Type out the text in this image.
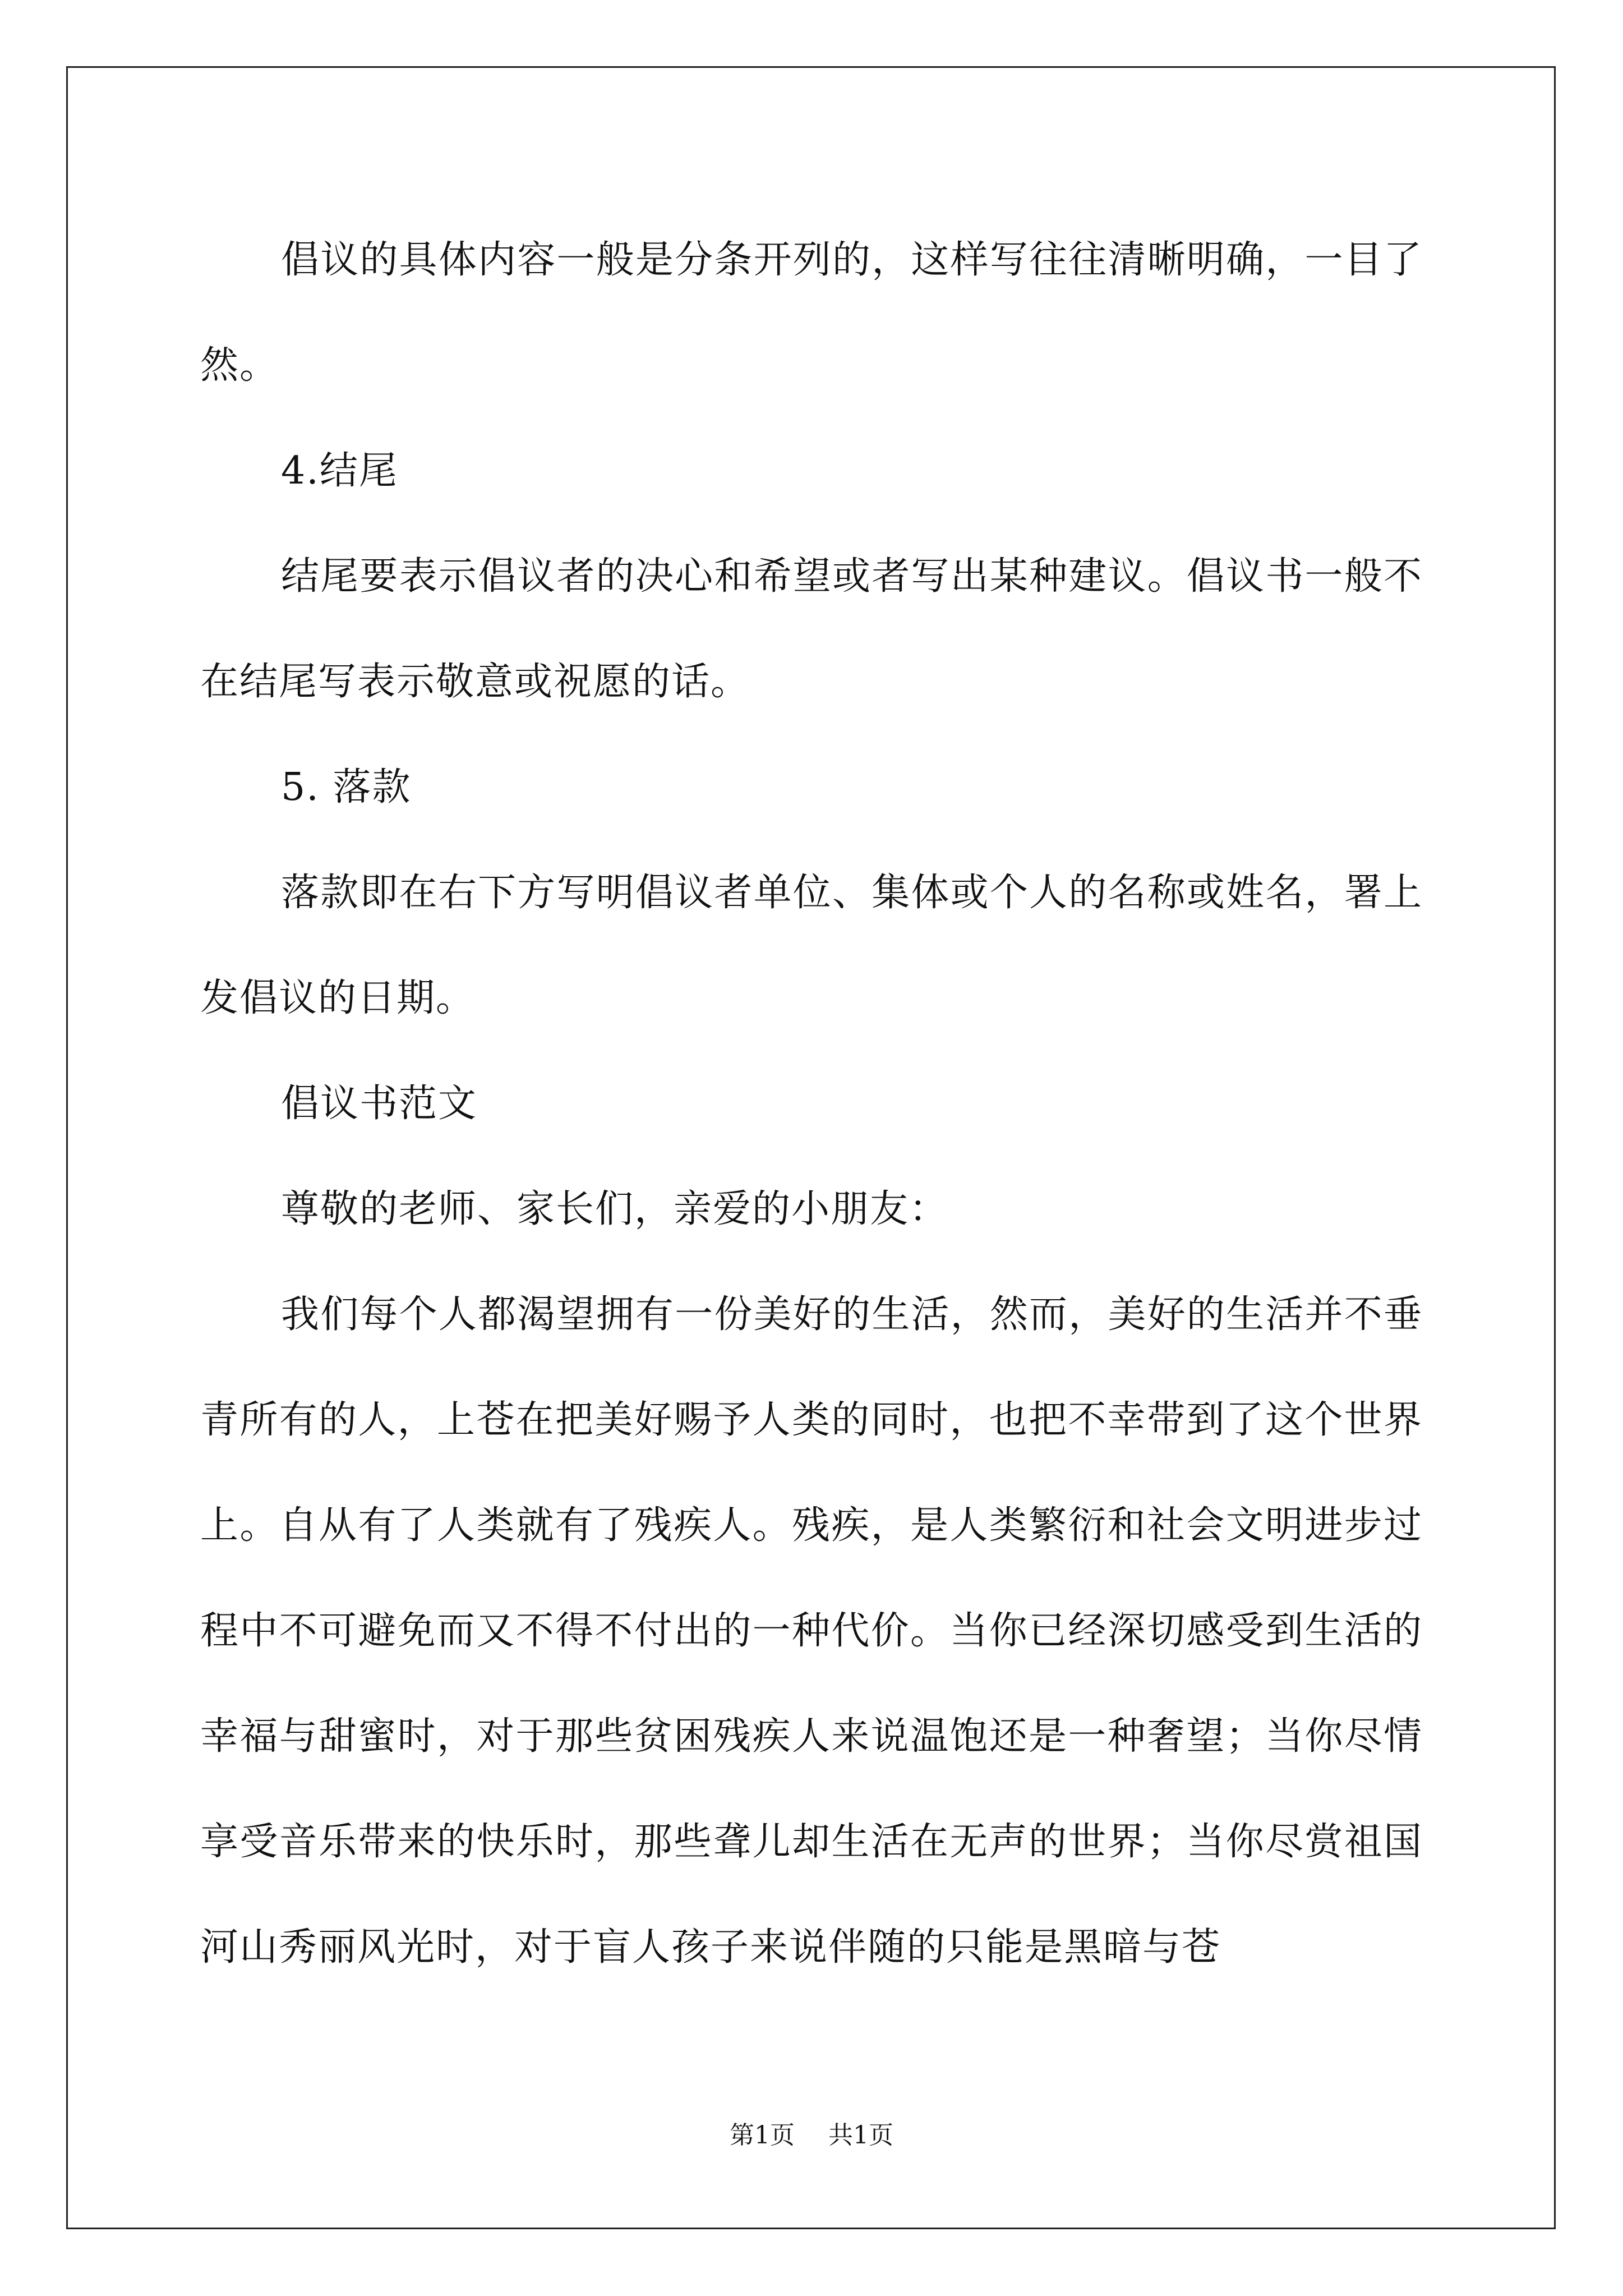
倡议的具体内容一般是分条开列的，这样写往往清晰明确，一目了然。

4.结尾

结尾要表示倡议者的决心和希望或者写出某种建议。倡议书一般不在结尾写表示敬意或祝愿的话。

5. 落款

落款即在右下方写明倡议者单位、集体或个人的名称或姓名，署上发倡议的日期。

倡议书范文

尊敬的老师、家长们，亲爱的小朋友：

我们每个人都渴望拥有一份美好的生活，然而，美好的生活并不垂青所有的人，上苍在把美好赐予人类的同时，也把不幸带到了这个世界上。自从有了人类就有了残疾人。残疾，是人类繁衍和社会文明进步过程中不可避免而又不得不付出的一种代价。当你已经深切感受到生活的幸福与甜蜜时，对于那些贫困残疾人来说温饱还是一种奢望；当你尽情享受音乐带来的快乐时，那些聋儿却生活在无声的世界；当你尽赏祖国河山秀丽风光时，对于盲人孩子来说伴随的只能是黑暗与苍

第1页 共1页
